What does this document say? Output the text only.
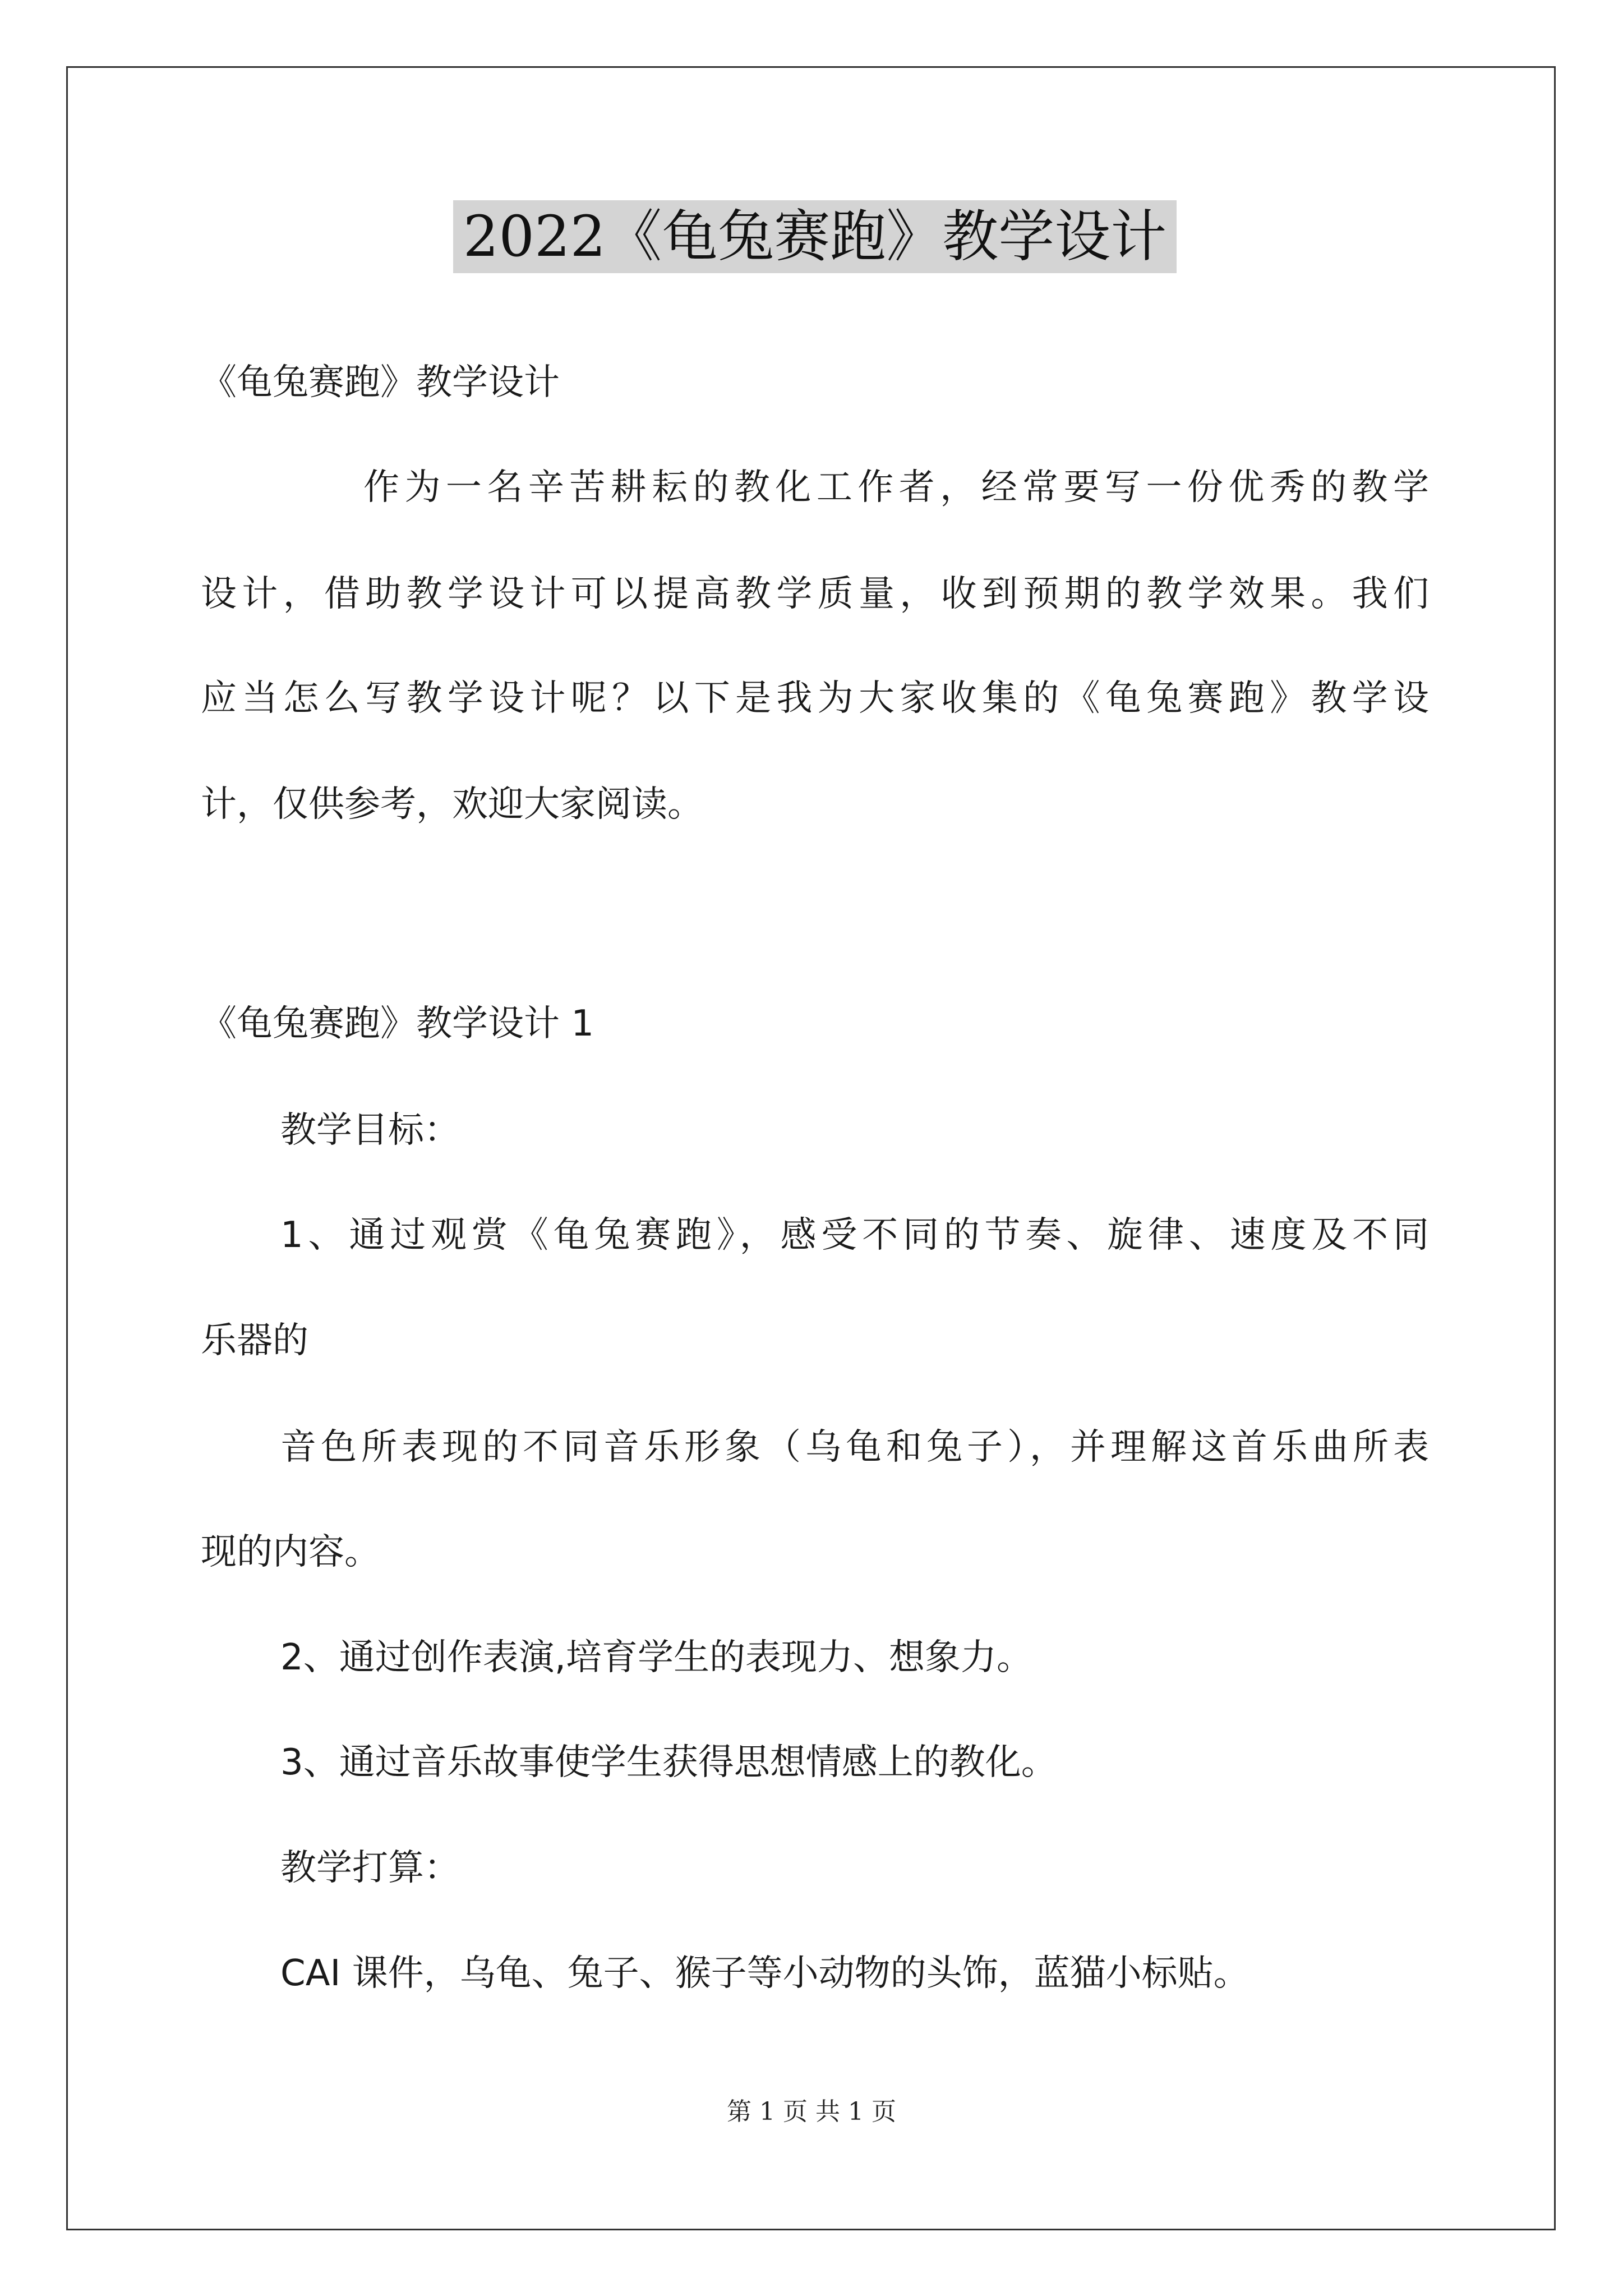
2022《龟兔赛跑》教学设计
《龟兔赛跑》教学设计
作为一名辛苦耕耘的教化工作者，经常要写一份优秀的教学
设计，借助教学设计可以提高教学质量，收到预期的教学效果。我们
应当怎么写教学设计呢？以下是我为大家收集的《龟兔赛跑》教学设
计，仅供参考，欢迎大家阅读。
《龟兔赛跑》教学设计 1
教学目标：
1、通过观赏《龟兔赛跑》，感受不同的节奏、旋律、速度及不同
乐器的
音色所表现的不同音乐形象（乌龟和兔子），并理解这首乐曲所表
现的内容。
2、通过创作表演,培育学生的表现力、想象力。
3、通过音乐故事使学生获得思想情感上的教化。
教学打算：
CAI 课件，乌龟、兔子、猴子等小动物的头饰，蓝猫小标贴。
第 1 页 共 1 页
